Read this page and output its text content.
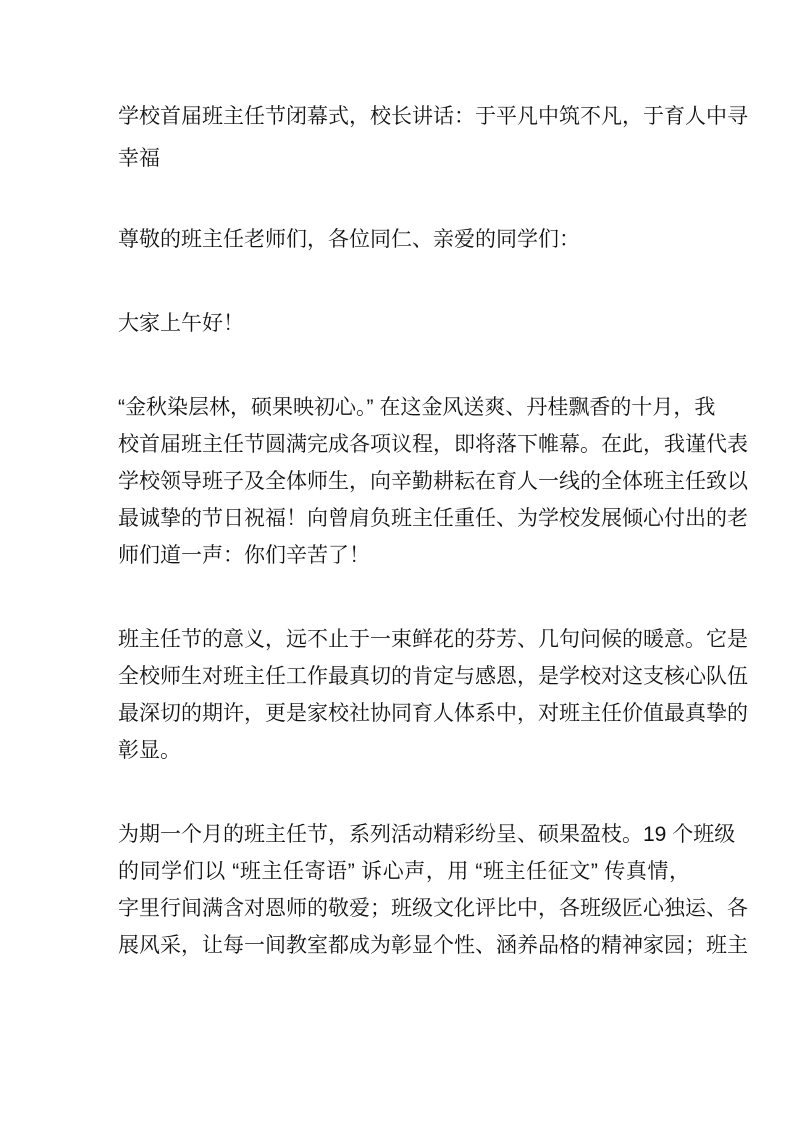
学校首届班主任节闭幕式，校长讲话：于平凡中筑不凡，于育人中寻
幸福
尊敬的班主任老师们，各位同仁、亲爱的同学们：
大家上午好！
“金秋染层林，硕果映初心。” 在这金风送爽、丹桂飘香的十月，我
校首届班主任节圆满完成各项议程，即将落下帷幕。在此，我谨代表
学校领导班子及全体师生，向辛勤耕耘在育人一线的全体班主任致以
最诚挚的节日祝福！向曾肩负班主任重任、为学校发展倾心付出的老
师们道一声：你们辛苦了！
班主任节的意义，远不止于一束鲜花的芬芳、几句问候的暖意。它是
全校师生对班主任工作最真切的肯定与感恩，是学校对这支核心队伍
最深切的期许，更是家校社协同育人体系中，对班主任价值最真挚的
彰显。
为期一个月的班主任节，系列活动精彩纷呈、硕果盈枝。19 个班级
的同学们以 “班主任寄语” 诉心声，用 “班主任征文” 传真情，
字里行间满含对恩师的敬爱；班级文化评比中，各班级匠心独运、各
展风采，让每一间教室都成为彰显个性、涵养品格的精神家园；班主
